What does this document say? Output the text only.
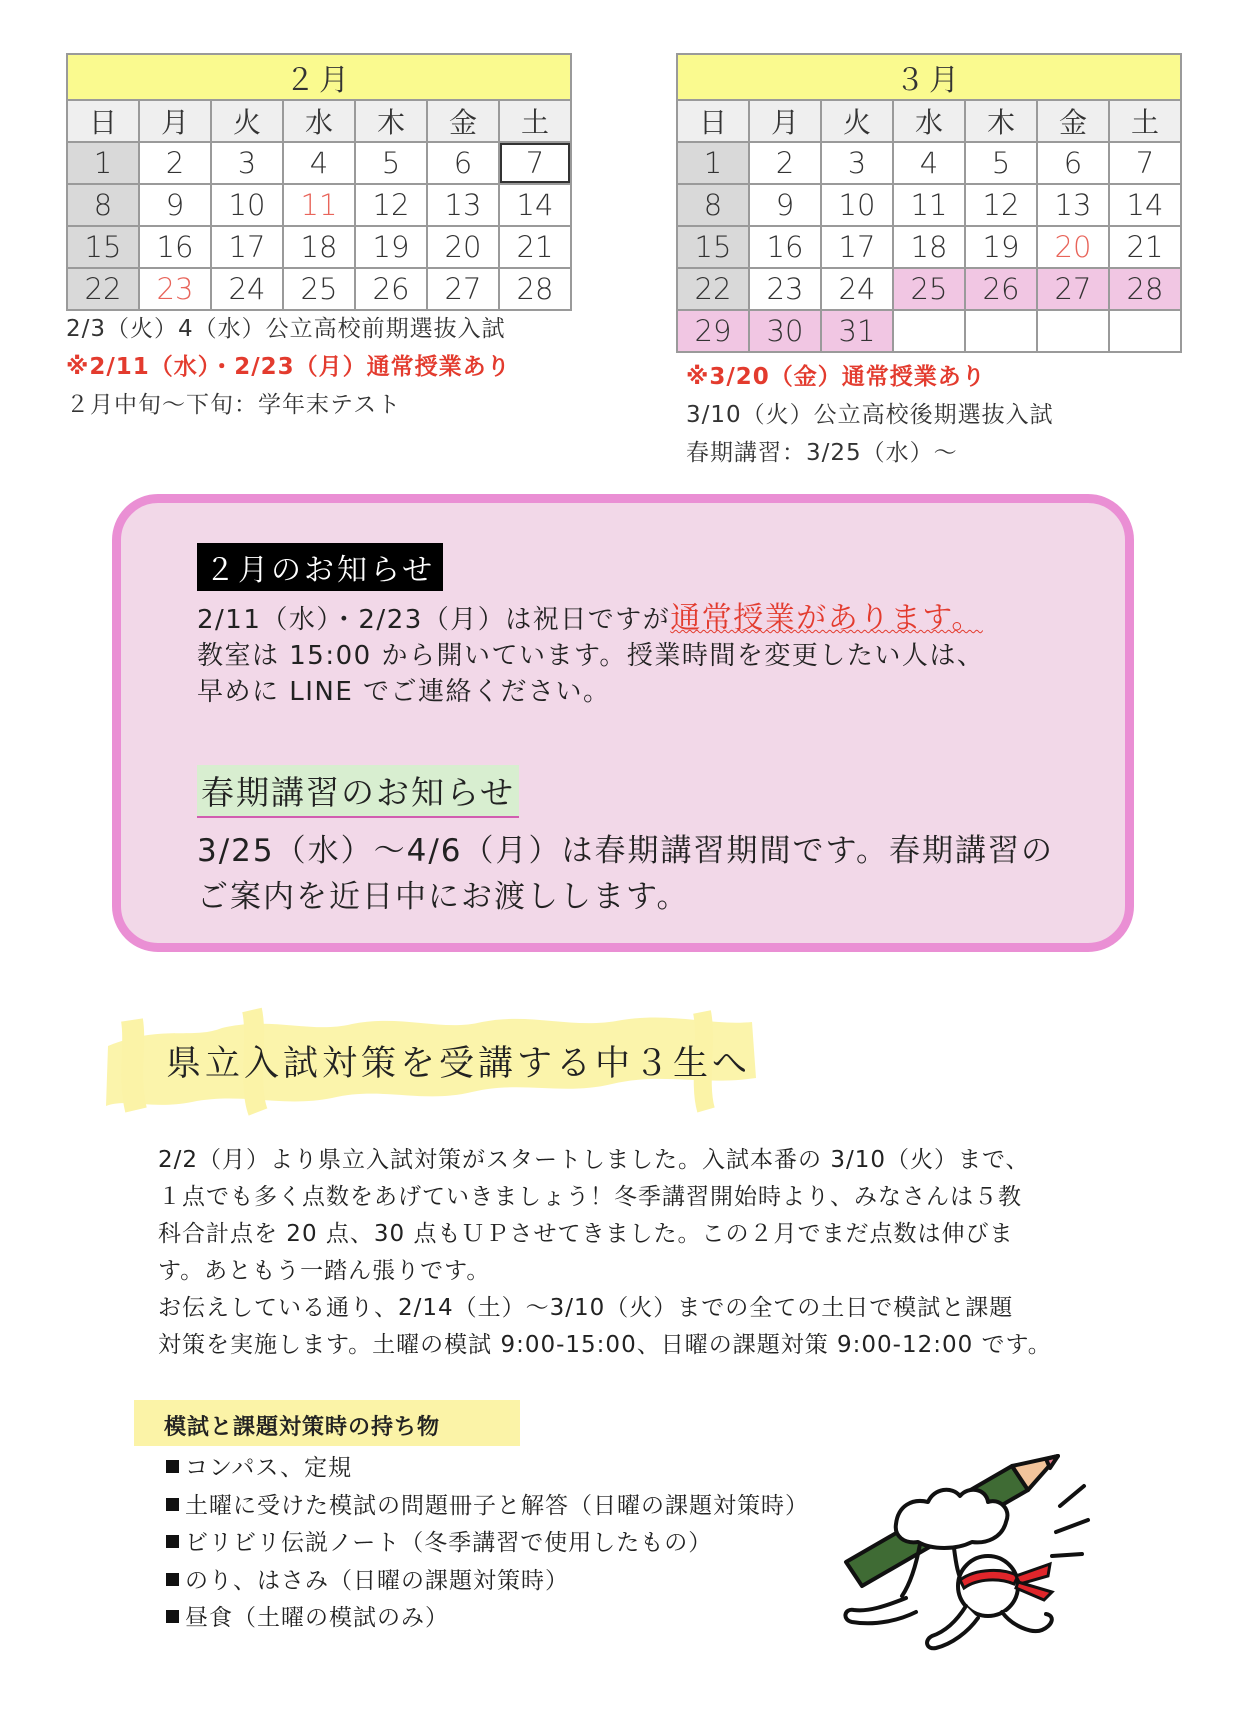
２月						
日	月	火	水	木	金	土
1	2	3	4	5	6	7
8	9	10	11	12	13	14
15	16	17	18	19	20	21
22	23	24	25	26	27	28
2/3（火）4（水）公立高校前期選抜入試
※2/11（水）・2/23（月）通常授業あり
２月中旬～下旬：学年末テスト
３月						
日	月	火	水	木	金	土
1	2	3	4	5	6	7
8	9	10	11	12	13	14
15	16	17	18	19	20	21
22	23	24	25	26	27	28
29	30	31				
※3/20（金）通常授業あり
3/10（火）公立高校後期選抜入試
春期講習：3/25（水）～
２月のお知らせ
2/11（水）・2/23（月）は祝日ですが通常授業があります。
教室は 15:00 から開いています。授業時間を変更したい人は、
早めに LINE でご連絡ください。
春期講習のお知らせ
3/25（水）～4/6（月）は春期講習期間です。春期講習の
ご案内を近日中にお渡しします。
県立入試対策を受講する中３生へ

2/2（月）より県立入試対策がスタートしました。入試本番の 3/10（火）まで、
１点でも多く点数をあげていきましょう！冬季講習開始時より、みなさんは５教
科合計点を 20 点、30 点もＵＰさせてきました。この２月でまだ点数は伸びま
す。あともう一踏ん張りです。

お伝えしている通り、2/14（土）～3/10（火）までの全ての土日で模試と課題
対策を実施します。土曜の模試 9:00-15:00、日曜の課題対策 9:00-12:00 です。

模試と課題対策時の持ち物
コンパス、定規
土曜に受けた模試の問題冊子と解答（日曜の課題対策時）
ビリビリ伝説ノート（冬季講習で使用したもの）
のり、はさみ（日曜の課題対策時）
昼食（土曜の模試のみ）
